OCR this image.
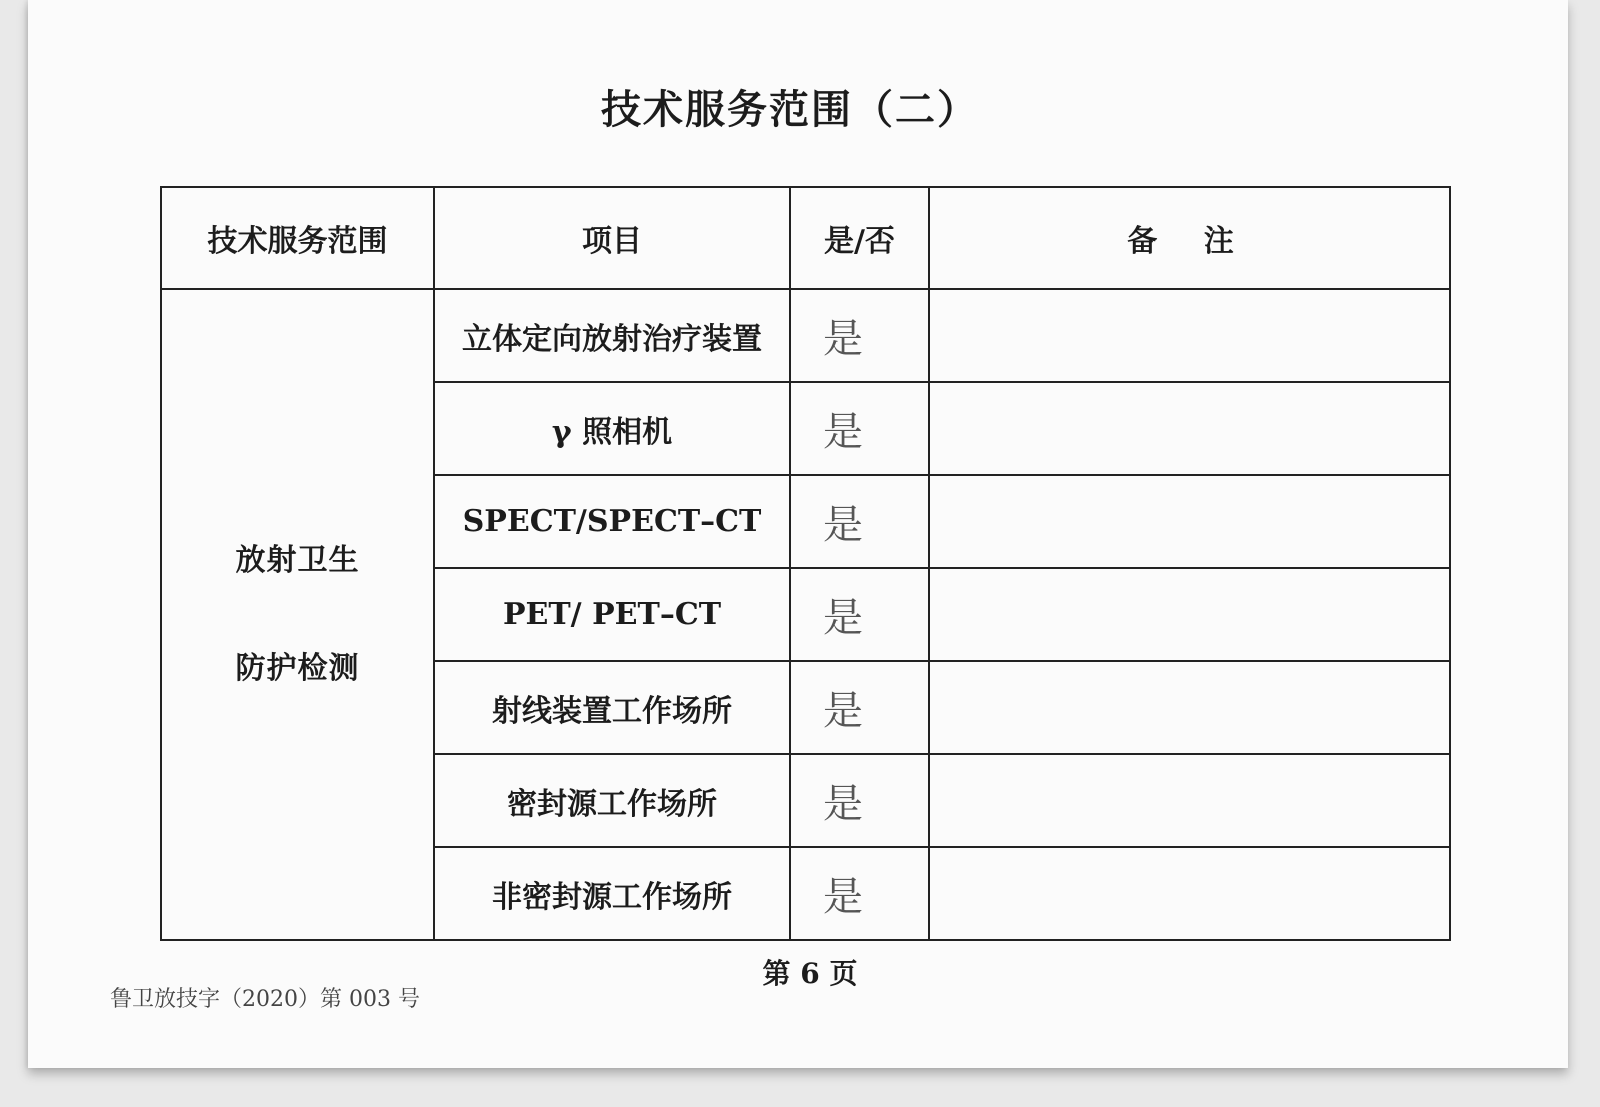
技术服务范围（二）
技术服务范围	项目	是/否	备 注

放射卫生
防护检测	立体定向放射治疗装置	是	
	γ 照相机	是	
	SPECT/SPECT–CT	是	
	PET/ PET–CT	是	
	射线装置工作场所	是	
	密封源工作场所	是	
	非密封源工作场所	是	
第 6 页
鲁卫放技字（2020）第 003 号
